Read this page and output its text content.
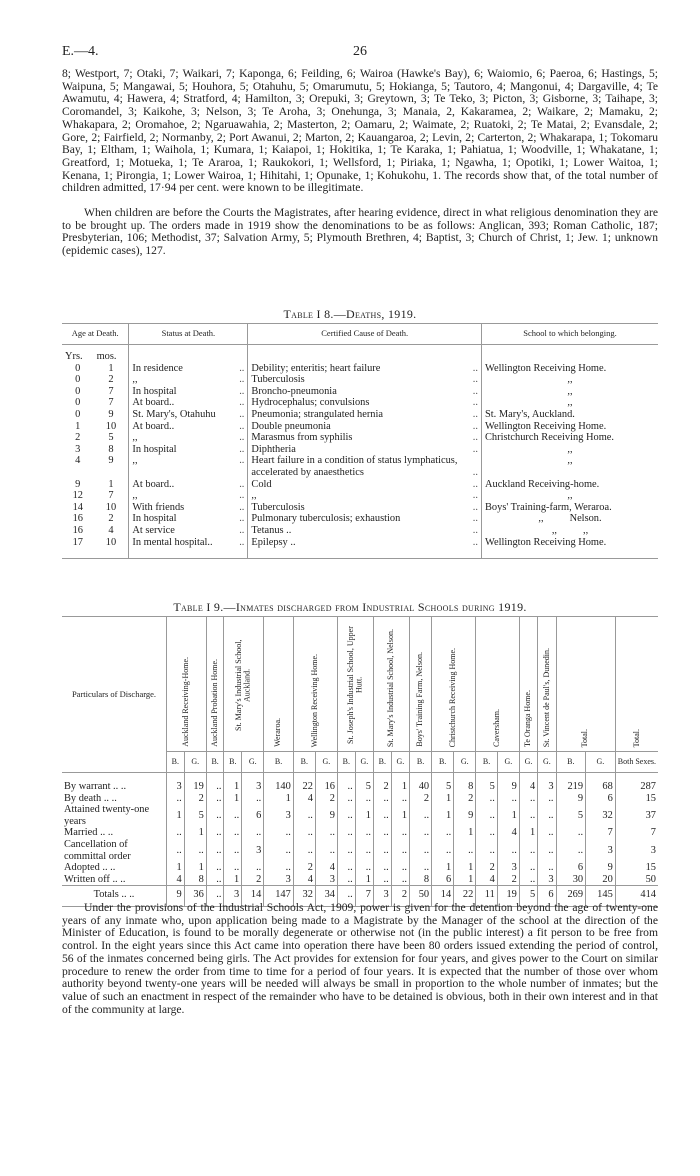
E.—4.	26

8; Westport, 7; Otaki, 7; Waikari, 7; Kaponga, 6; Feilding, 6; Wairoa (Hawke's Bay), 6; Waiomio, 6; Paeroa, 6; Hastings, 5; Waipuna, 5; Mangawai, 5; Houhora, 5; Otahuhu, 5; Omarumutu, 5; Hokianga, 5; Tautoro, 4; Mangonui, 4; Dargaville, 4; Te Awamutu, 4; Hawera, 4; Stratford, 4; Hamilton, 3; Orepuki, 3; Greytown, 3; Te Teko, 3; Picton, 3; Gisborne, 3; Taihape, 3; Coromandel, 3; Kaikohe, 3; Nelson, 3; Te Aroha, 3; Onehunga, 3; Manaia, 2, Kakaramea, 2; Waikare, 2; Mamaku, 2; Whakapara, 2; Oromahoe, 2; Ngaruawahia, 2; Masterton, 2; Oamaru, 2; Waimate, 2; Ruatoki, 2; Te Matai, 2; Evansdale, 2; Gore, 2; Fairfield, 2; Normanby, 2; Port Awanui, 2; Marton, 2; Kauangaroa, 2; Levin, 2; Carterton, 2; Whakarapa, 1; Tokomaru Bay, 1; Eltham, 1; Waihola, 1; Kumara, 1; Kaiapoi, 1; Hokitika, 1; Te Karaka, 1; Pahiatua, 1; Woodville, 1; Whakatane, 1; Greatford, 1; Motueka, 1; Te Araroa, 1; Raukokori, 1; Wellsford, 1; Piriaka, 1; Ngawha, 1; Opotiki, 1; Lower Waitoa, 1; Kenana, 1; Pirongia, 1; Lower Wairoa, 1; Hihitahi, 1; Opunake, 1; Kohukohu, 1. The records show that, of the total number of children admitted, 17·94 per cent. were known to be illegitimate.

When children are before the Courts the Magistrates, after hearing evidence, direct in what religious denomination they are to be brought up. The orders made in 1919 show the denominations to be as follows: Anglican, 393; Roman Catholic, 187; Presbyterian, 106; Methodist, 37; Salvation Army, 5; Plymouth Brethren, 4; Baptist, 3; Church of Christ, 1; Jew. 1; unknown (epidemic cases), 127.

Table I 8.—Deaths, 1919.
Age at Death.		Status at Death.	Certified Cause of Death.	School to which belonging.
Yrs.	mos.			
0	1	In residence ..	Debility; enteritis; heart failure ..	Wellington Receiving Home.
0	2	,, ..	Tuberculosis ..	,,
0	7	In hospital ..	Broncho-pneumonia ..	,,
0	7	At board.. ..	Hydrocephalus; convulsions ..	,,
0	9	St. Mary's, Otahuhu ..	Pneumonia; strangulated hernia ..	St. Mary's, Auckland.
1	10	At board.. ..	Double pneumonia ..	Wellington Receiving Home.
2	5	,, ..	Marasmus from syphilis ..	Christchurch Receiving Home.
3	8	In hospital ..	Diphtheria ..	,,
4	9	,, ..	Heart failure in a condition of status lymphaticus, accelerated by anaesthetics ..	,,
9	1	At board.. ..	Cold ..	Auckland Receiving-home.
12	7	,, ..	,, ..	,,
14	10	With friends ..	Tuberculosis ..	Boys' Training-farm, Weraroa.
16	2	In hospital ..	Pulmonary tuberculosis; exhaustion ..	,,          Nelson.
16	4	At service ..	Tetanus .. ..	,,          ,,
17	10	In mental hospital.. ..	Epilepsy .. ..	Wellington Receiving Home.

Table I 9.—Inmates discharged from Industrial Schools during 1919.
Particulars of Discharge.	Auckland Receiving-Home.		Auckland Probation Home.	St. Mary's Industrial School, Auckland.		Weraroa.	Wellington Receiving Home.		St. Joseph's Industrial School, Upper Hutt.		St. Mary's Industrial School, Nelson.		Boys' Training Farm, Nelson.	Christchurch Receiving Home.		Caversham.		Te Oranga Home.	St. Vincent de Paul's, Dunedin.	Total.		Total.

	B.	G.	B.	B.	G.	B.	B.	G.	B.	G.	B.	G.	B.	B.	G.	B.	G.	G.	G.	B.	G.	Both Sexes.

By warrant .. ..	3	19	..	1	3	140	22	16	..	5	2	1	40	5	8	5	9	4	3	219	68	287
By death .. ..	..	2	..	1	..	1	4	2	..	..	..	..	2	1	2	..	..	..	..	9	6	15
Attained twenty-one years	1	5	..	..	6	3	..	9	..	1	..	1	..	1	9	..	1	..	..	5	32	37
Married .. ..	..	1	..	..	..	..	..	..	..	..	..	..	..	..	1	..	4	1	..	..	7	7
Cancellation of committal order	..	..	..	..	3	..	..	..	..	..	..	..	..	..	..	..	..	..	..	..	3	3
Adopted .. ..	1	1	..	..	..	..	2	4	..	..	..	..	..	1	1	2	3	..	..	6	9	15
Written off .. ..	4	8	..	1	2	3	4	3	..	1	..	..	8	6	1	4	2	..	3	30	20	50
Totals .. ..	9	36	..	3	14	147	32	34	..	7	3	2	50	14	22	11	19	5	6	269	145	414

Under the provisions of the Industrial Schools Act, 1909, power is given for the detention beyond the age of twenty-one years of any inmate who, upon application being made to a Magistrate by the Manager of the school at the direction of the Minister of Education, is found to be morally degenerate or otherwise not (in the public interest) a fit person to be free from control. In the eight years since this Act came into operation there have been 80 orders issued extending the period of control, 56 of the inmates concerned being girls. The Act provides for extension for four years, and gives power to the Court on similar procedure to renew the order from time to time for a period of four years. It is expected that the number of those over whom authority beyond twenty-one years will be needed will always be small in proportion to the whole number of inmates; but the value of such an enactment in respect of the remainder who have to be detained is obvious, both in their own interest and in that of the community at large.
